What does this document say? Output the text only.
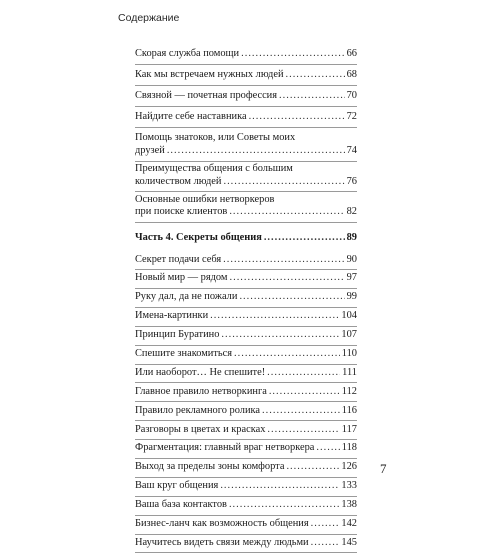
Содержание
Скорая служба помощи .....	66
Как мы встречаем нужных людей .....	68
Связной — почетная профессия .....	70
Найдите себе наставника .....	72
Помощь знатоков, или Советы моих
друзей .....	74
Преимущества общения с большим
количеством людей .....	76
Основные ошибки нетворкеров
при поиске клиентов .....	82
Часть 4. Секреты общения .....	89
Секрет подачи себя .....	90
Новый мир — рядом .....	97
Руку дал, да не пожали .....	99
Имена-картинки .....	104
Принцип Буратино .....	107
Спешите знакомиться .....	110
Или наоборот… Не спешите! .....	111
Главное правило нетворкинга .....	112
Правило рекламного ролика .....	116
Разговоры в цветах и красках .....	117
Фрагментация: главный враг нетворкера .....	118
Выход за пределы зоны комфорта .....	126
Ваш круг общения .....	133
Ваша база контактов .....	138
Бизнес-ланч как возможность общения .....	142
Научитесь видеть связи между людьми .....	145
7
